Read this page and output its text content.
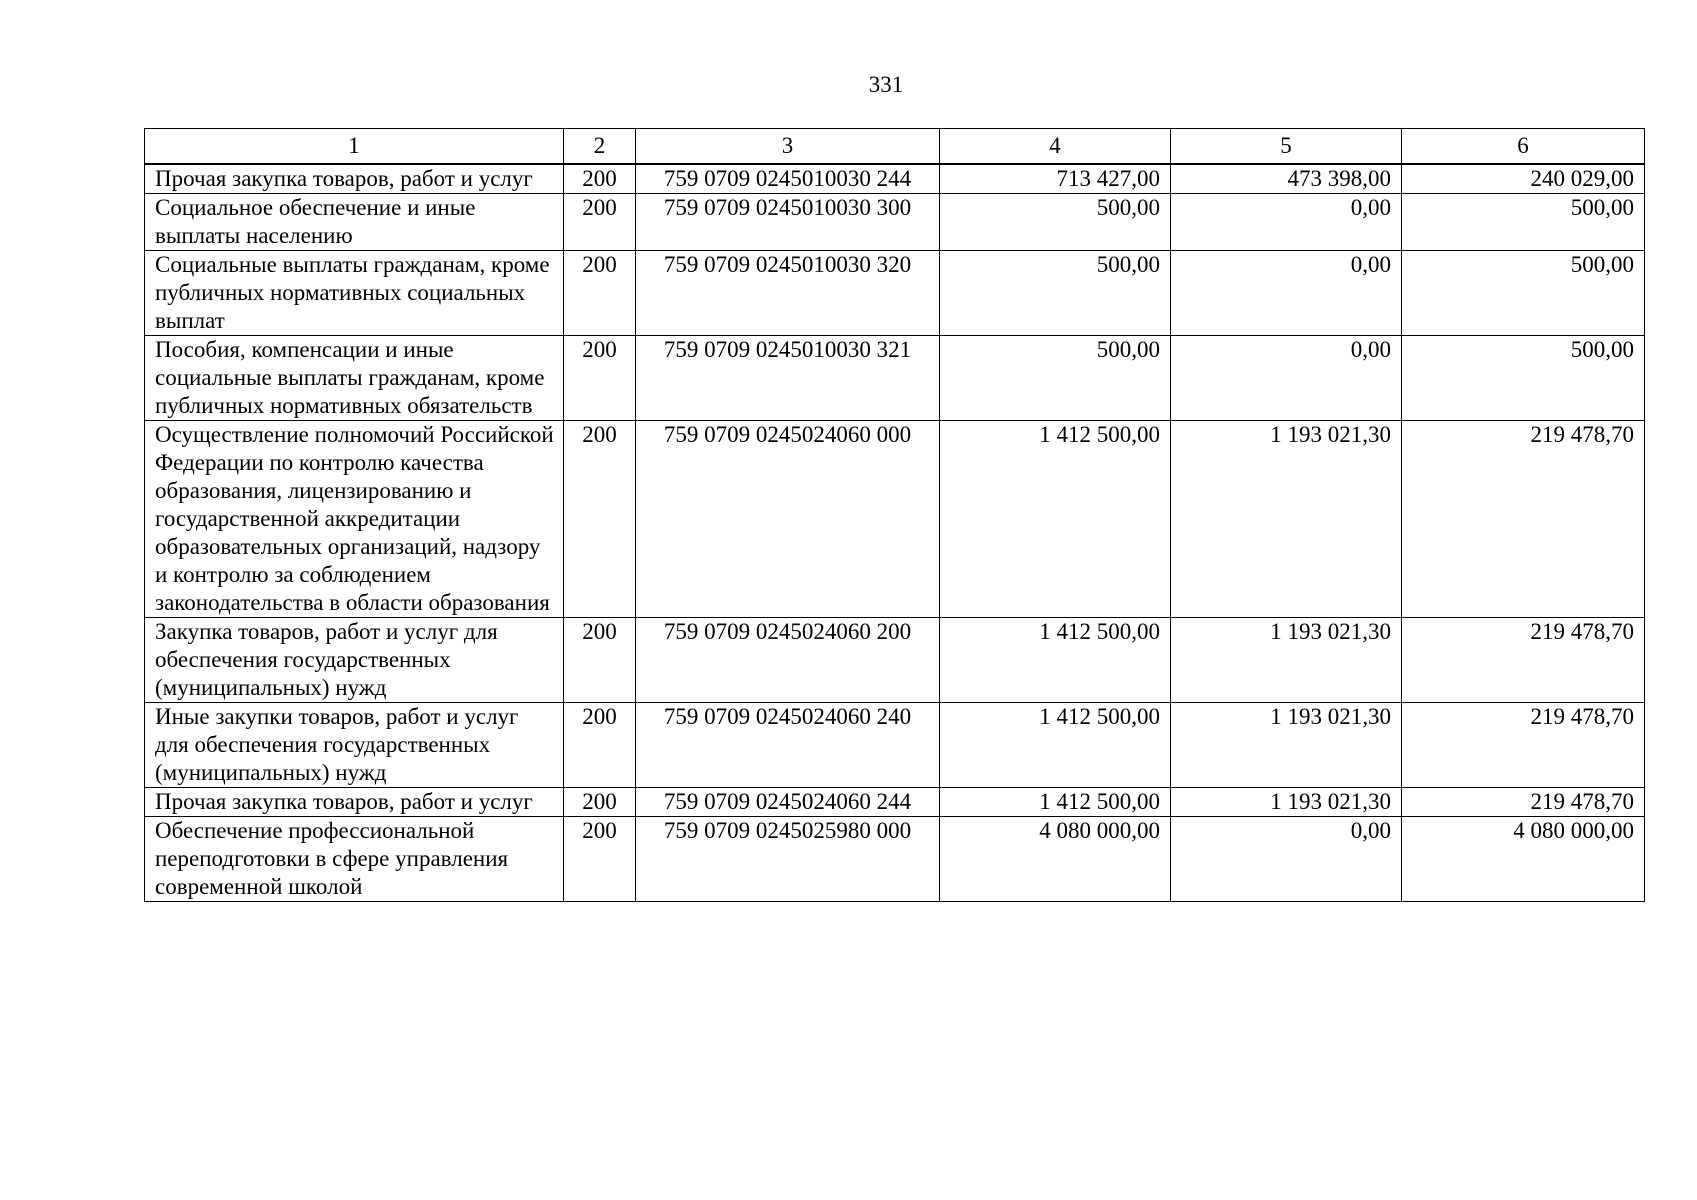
331
1	2	3	4	5	6
Прочая закупка товаров, работ и услуг	200	759 0709 0245010030 244	713 427,00	473 398,00	240 029,00
Социальное обеспечение и иные выплаты населению	200	759 0709 0245010030 300	500,00	0,00	500,00
Социальные выплаты гражданам, кроме публичных нормативных социальных выплат	200	759 0709 0245010030 320	500,00	0,00	500,00
Пособия, компенсации и иные социальные выплаты гражданам, кроме публичных нормативных обязательств	200	759 0709 0245010030 321	500,00	0,00	500,00
Осуществление полномочий Российской Федерации по контролю качества образования, лицензированию и государственной аккредитации образовательных организаций, надзору и контролю за соблюдением законодательства в области образования	200	759 0709 0245024060 000	1 412 500,00	1 193 021,30	219 478,70
Закупка товаров, работ и услуг для обеспечения государственных (муниципальных) нужд	200	759 0709 0245024060 200	1 412 500,00	1 193 021,30	219 478,70
Иные закупки товаров, работ и услуг для обеспечения государственных (муниципальных) нужд	200	759 0709 0245024060 240	1 412 500,00	1 193 021,30	219 478,70
Прочая закупка товаров, работ и услуг	200	759 0709 0245024060 244	1 412 500,00	1 193 021,30	219 478,70
Обеспечение профессиональной переподготовки в сфере управления современной школой	200	759 0709 0245025980 000	4 080 000,00	0,00	4 080 000,00
